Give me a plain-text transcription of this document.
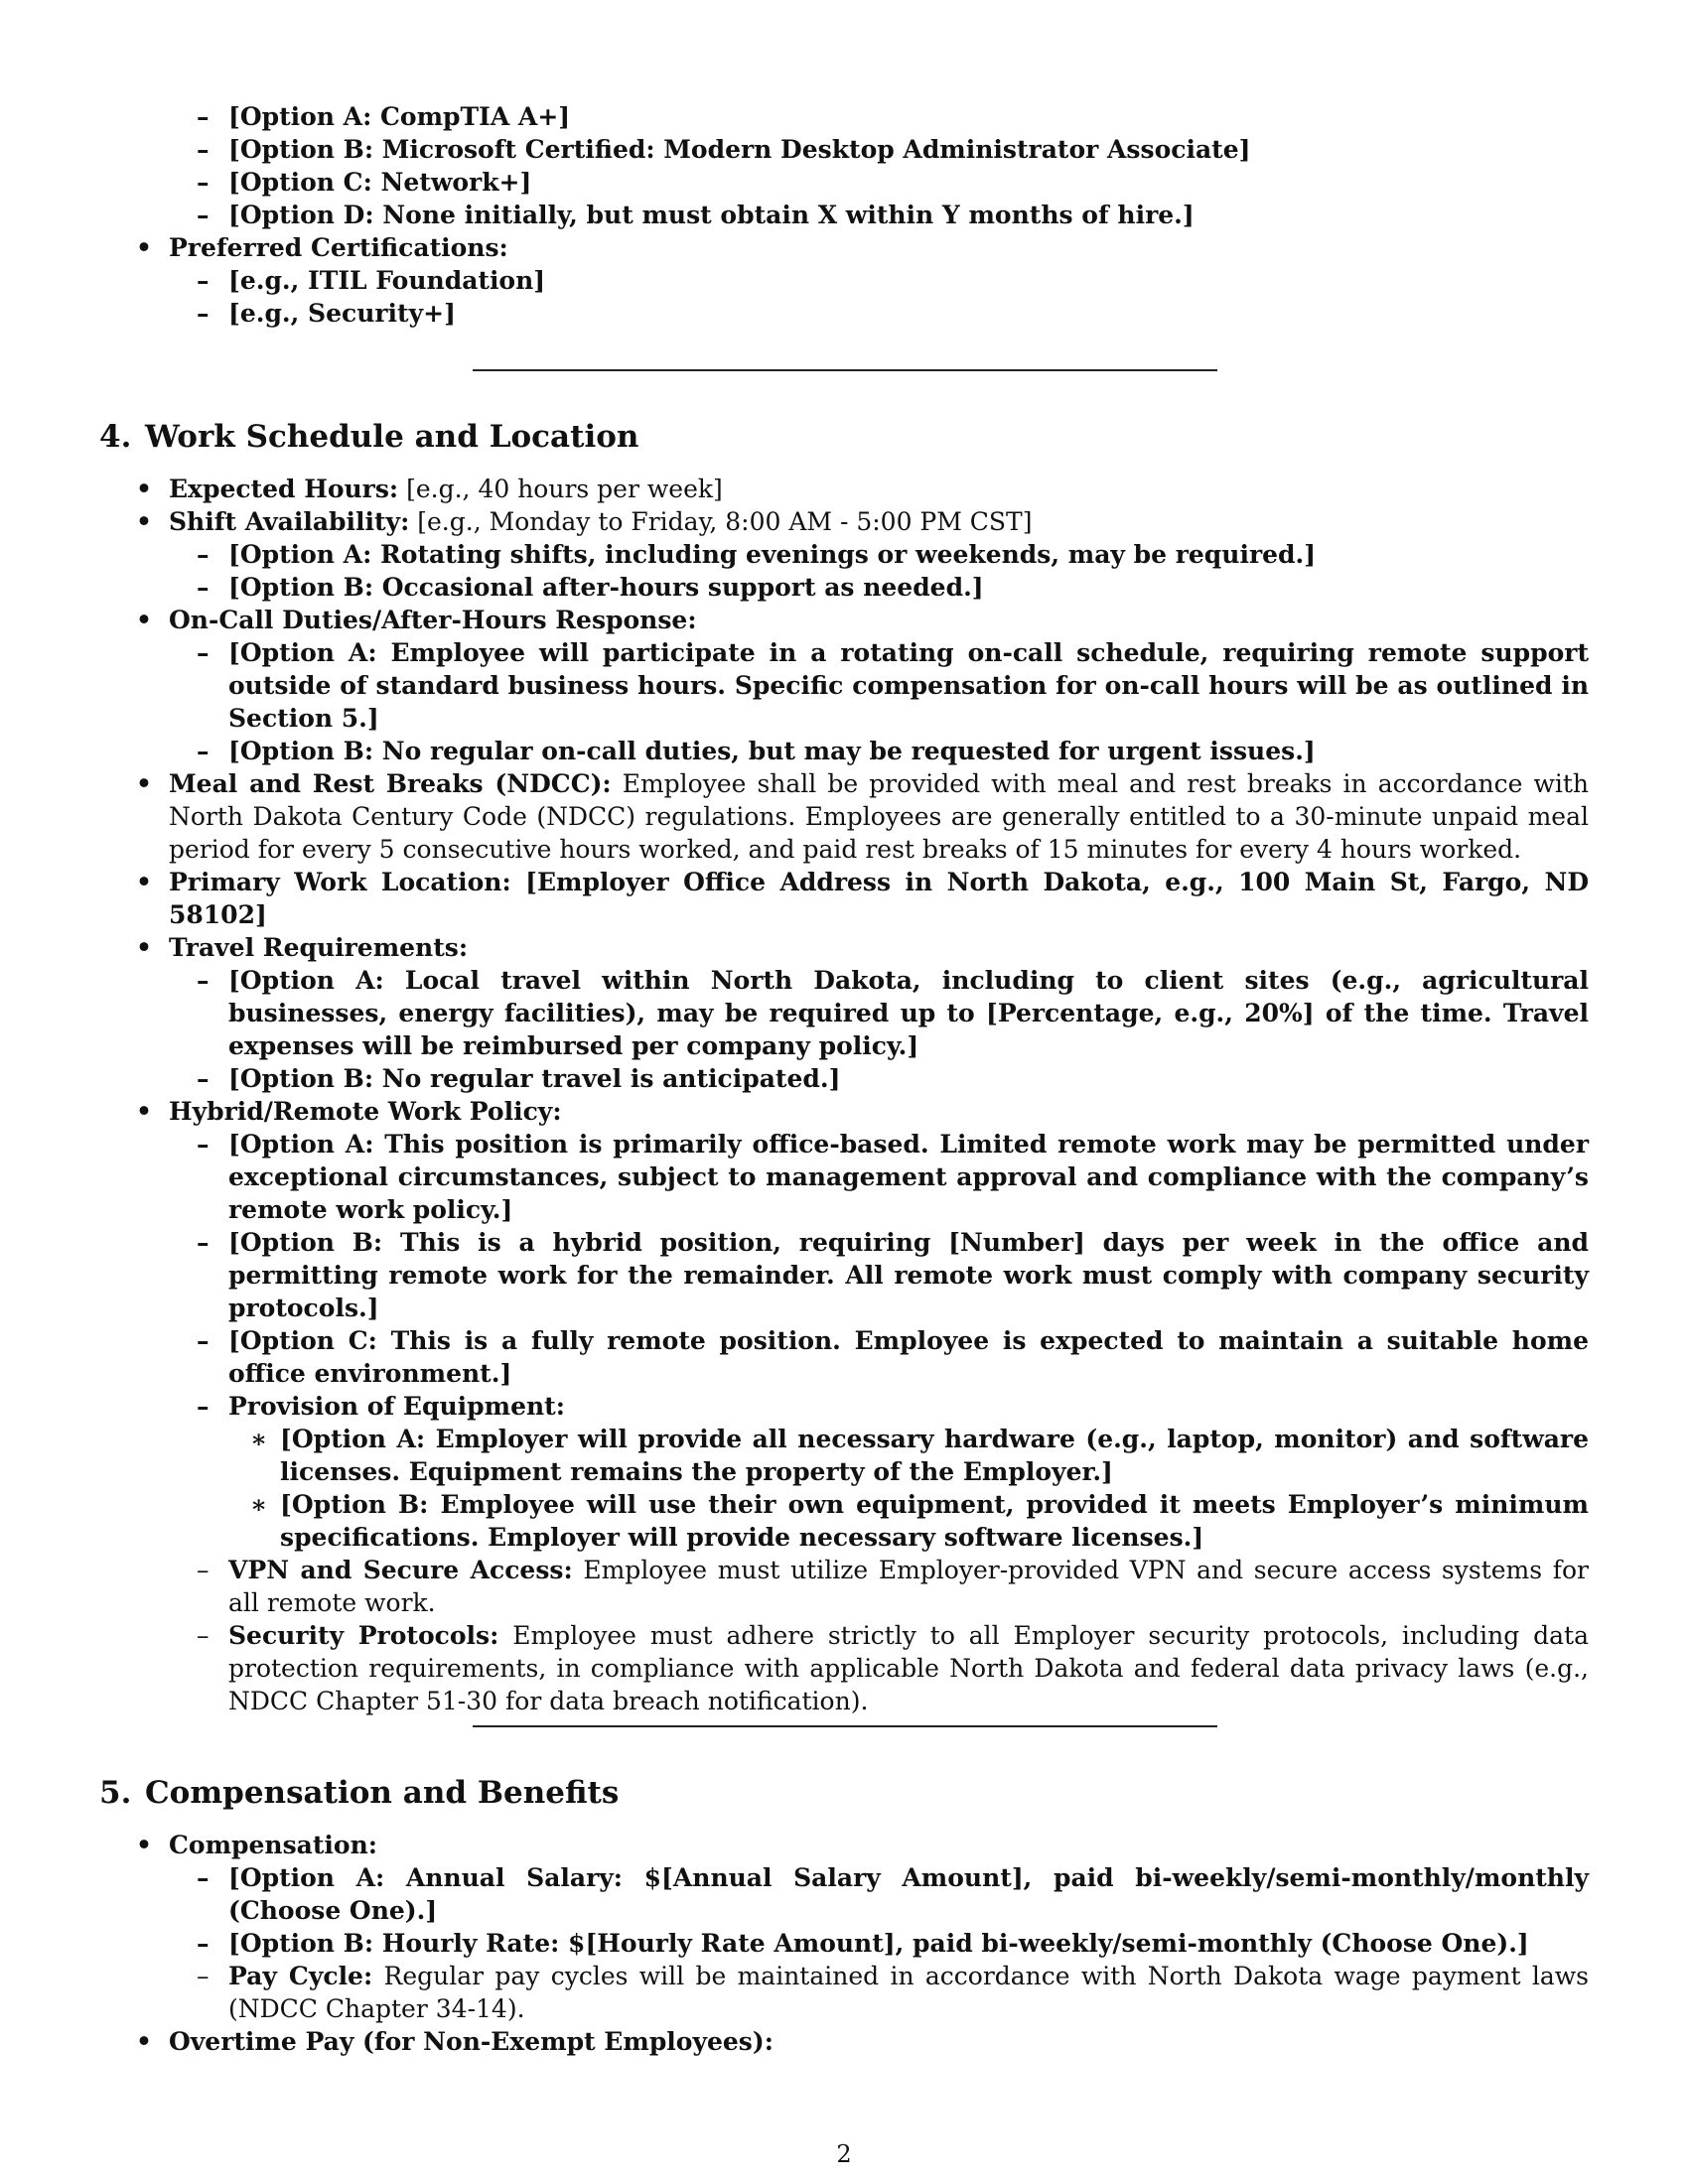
– [Option A: CompTIA A+]
– [Option B: Microsoft Certified: Modern Desktop Administrator Associate]
– [Option C: Network+]
– [Option D: None initially, but must obtain X within Y months of hire.]
• Preferred Certifications:
– [e.g., ITIL Foundation]
– [e.g., Security+]
4. Work Schedule and Location
• Expected Hours: [e.g., 40 hours per week]
• Shift Availability: [e.g., Monday to Friday, 8:00 AM - 5:00 PM CST]
– [Option A: Rotating shifts, including evenings or weekends, may be required.]
– [Option B: Occasional after-hours support as needed.]
• On-Call Duties/After-Hours Response:
– [Option A: Employee will participate in a rotating on-call schedule, requiring remote support outside of standard business hours. Specific compensation for on-call hours will be as outlined in Section 5.]
– [Option B: No regular on-call duties, but may be requested for urgent issues.]
• Meal and Rest Breaks (NDCC): Employee shall be provided with meal and rest breaks in accordance with North Dakota Century Code (NDCC) regulations. Employees are generally entitled to a 30-minute unpaid meal period for every 5 consecutive hours worked, and paid rest breaks of 15 minutes for every 4 hours worked.
• Primary Work Location: [Employer Office Address in North Dakota, e.g., 100 Main St, Fargo, ND 58102]
• Travel Requirements:
– [Option A: Local travel within North Dakota, including to client sites (e.g., agricultural businesses, energy facilities), may be required up to [Percentage, e.g., 20%] of the time. Travel expenses will be reimbursed per company policy.]
– [Option B: No regular travel is anticipated.]
• Hybrid/Remote Work Policy:
– [Option A: This position is primarily office-based. Limited remote work may be permitted under exceptional circumstances, subject to management approval and compliance with the company’s remote work policy.]
– [Option B: This is a hybrid position, requiring [Number] days per week in the office and permitting remote work for the remainder. All remote work must comply with company security protocols.]
– [Option C: This is a fully remote position. Employee is expected to maintain a suitable home office environment.]
– Provision of Equipment:
∗ [Option A: Employer will provide all necessary hardware (e.g., laptop, monitor) and software licenses. Equipment remains the property of the Employer.]
∗ [Option B: Employee will use their own equipment, provided it meets Employer’s minimum specifications. Employer will provide necessary software licenses.]
– VPN and Secure Access: Employee must utilize Employer-provided VPN and secure access systems for all remote work.
– Security Protocols: Employee must adhere strictly to all Employer security protocols, including data protection requirements, in compliance with applicable North Dakota and federal data privacy laws (e.g., NDCC Chapter 51-30 for data breach notification).
5. Compensation and Benefits
• Compensation:
– [Option A: Annual Salary: $[Annual Salary Amount], paid bi-weekly/semi-monthly/monthly (Choose One).]
– [Option B: Hourly Rate: $[Hourly Rate Amount], paid bi-weekly/semi-monthly (Choose One).]
– Pay Cycle: Regular pay cycles will be maintained in accordance with North Dakota wage payment laws (NDCC Chapter 34-14).
• Overtime Pay (for Non-Exempt Employees):
2
